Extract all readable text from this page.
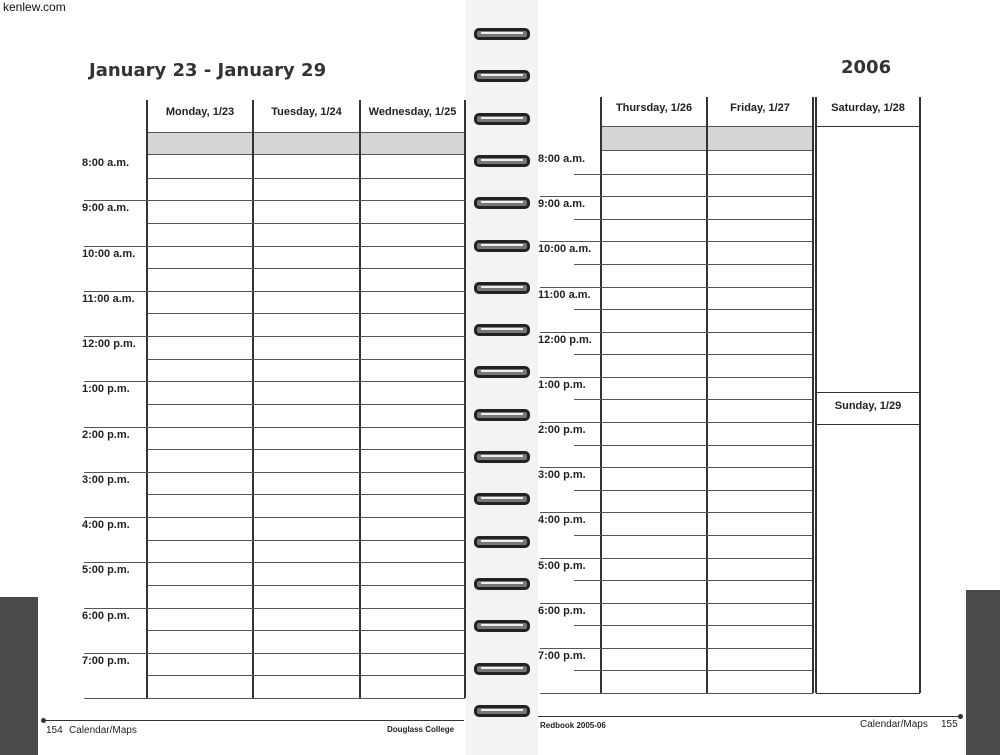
kenlew.com
January 23 - January 29
Monday, 1/23	Tuesday, 1/24	Wednesday, 1/25
8:00 a.m.
9:00 a.m.
10:00 a.m.
11:00 a.m.
12:00 p.m.
1:00 p.m.
2:00 p.m.
3:00 p.m.
4:00 p.m.
5:00 p.m.
6:00 p.m.
7:00 p.m.
154 Calendar/Maps	Douglass College
2006
Thursday, 1/26	Friday, 1/27	Saturday, 1/28
8:00 a.m.
9:00 a.m.
10:00 a.m.
11:00 a.m.
12:00 p.m.
1:00 p.m.
2:00 p.m.
3:00 p.m.
4:00 p.m.
5:00 p.m.
6:00 p.m.
7:00 p.m.
Sunday, 1/29
Redbook 2005-06	Calendar/Maps 155
